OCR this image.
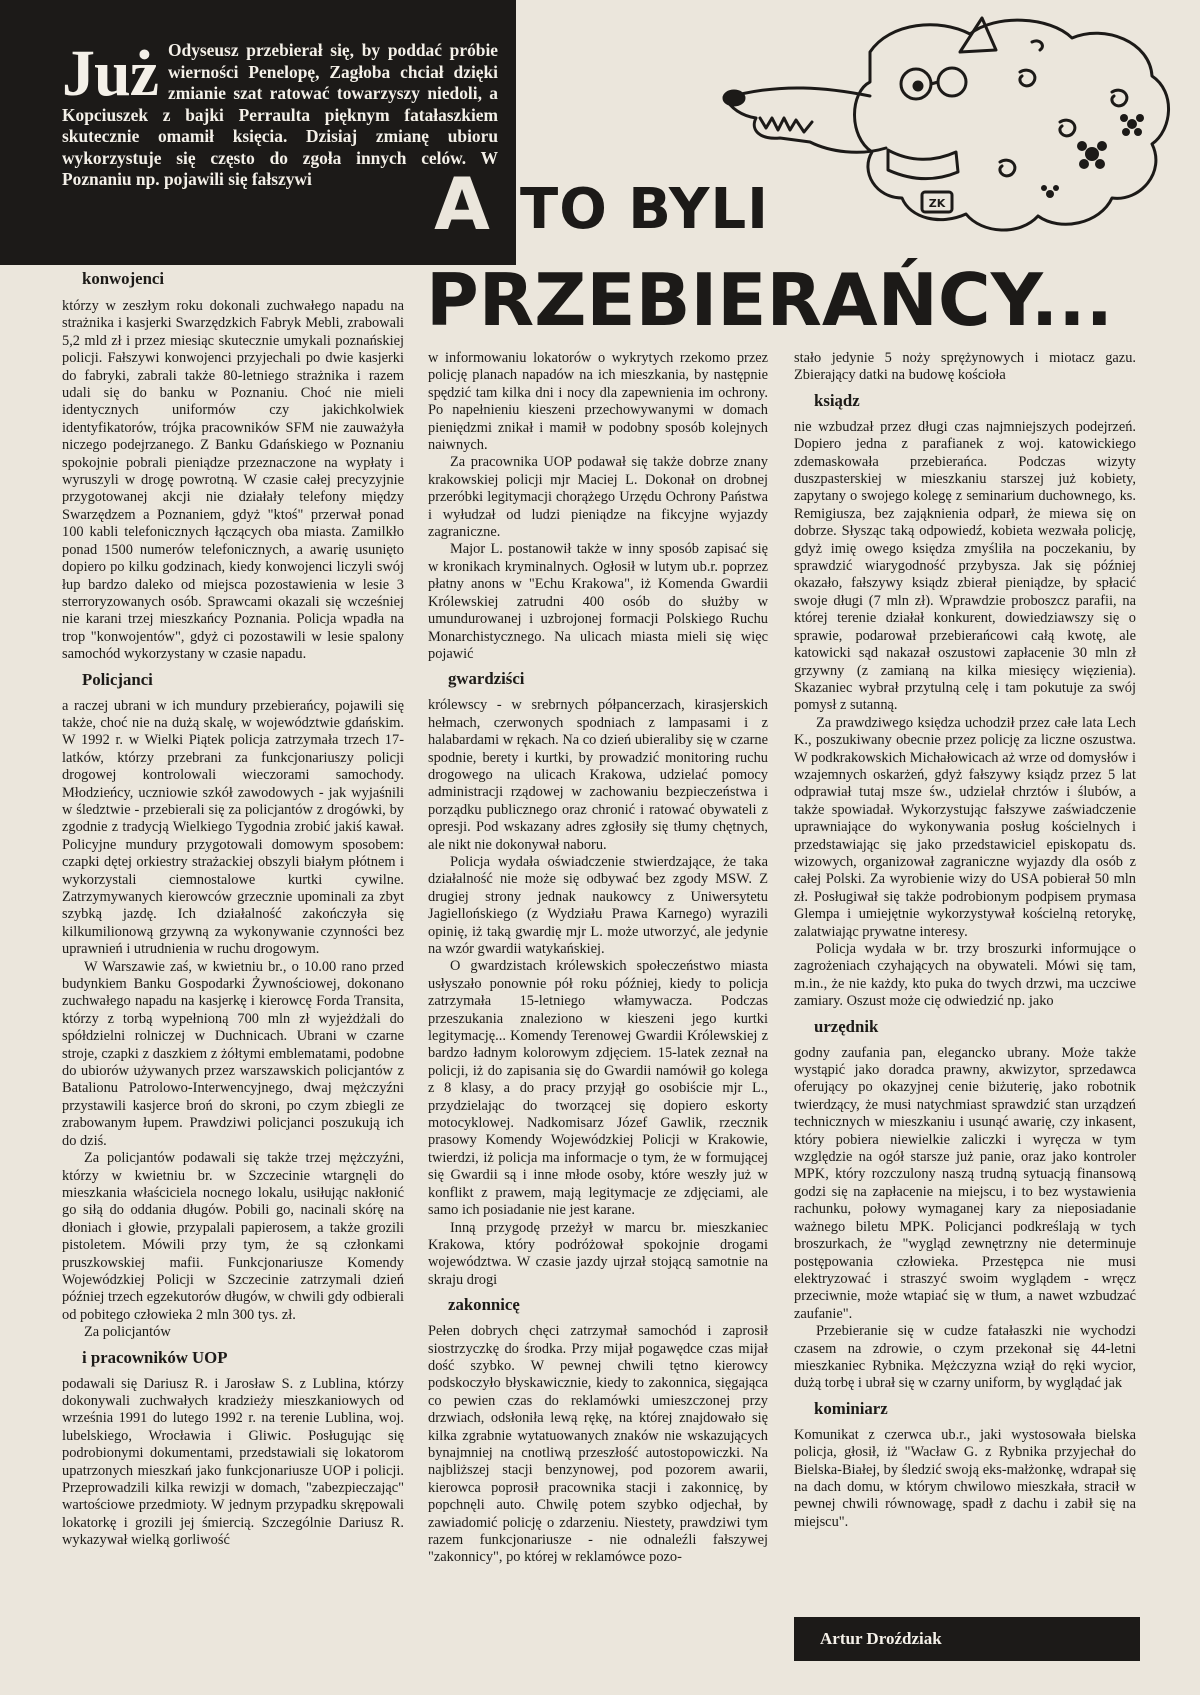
Już Odyseusz przebierał się, by poddać próbie wierności Penelopę, Zagłoba chciał dzięki zmianie szat ratować towarzyszy niedoli, a Kopciuszek z bajki Perraulta pięknym fatałaszkiem skutecznie omamił księcia. Dzisiaj zmianę ubioru wykorzystuje się często do zgoła innych celów. W Poznaniu np. pojawili się fałszywi	A TO BYLI
PRZEBIERAŃCY...
ZK
konwojenci

którzy w zeszłym roku dokonali zuchwałego napadu na strażnika i kasjerki Swarzędzkich Fabryk Mebli, zrabowali 5,2 mld zł i przez miesiąc skutecznie umykali poznańskiej policji. Fałszywi konwojenci przyjechali po dwie kasjerki do fabryki, zabrali także 80-letniego strażnika i razem udali się do banku w Poznaniu. Choć nie mieli identycznych uniformów czy jakichkolwiek identyfikatorów, trójka pracowników SFM nie zauważyła niczego podejrzanego. Z Banku Gdańskiego w Poznaniu spokojnie pobrali pieniądze przeznaczone na wypłaty i wyruszyli w drogę powrotną. W czasie całej precyzyjnie przygotowanej akcji nie działały telefony między Swarzędzem a Poznaniem, gdyż "ktoś" przerwał ponad 100 kabli telefonicznych łączących oba miasta. Zamilkło ponad 1500 numerów telefonicznych, a awarię usunięto dopiero po kilku godzinach, kiedy konwojenci liczyli swój łup bardzo daleko od miejsca pozostawienia w lesie 3 sterroryzowanych osób. Sprawcami okazali się wcześniej nie karani trzej mieszkańcy Poznania. Policja wpadła na trop "konwojentów", gdyż ci pozostawili w lesie spalony samochód wykorzystany w czasie napadu.

Policjanci

a raczej ubrani w ich mundury przebierańcy, pojawili się także, choć nie na dużą skalę, w województwie gdańskim. W 1992 r. w Wielki Piątek policja zatrzymała trzech 17-latków, którzy przebrani za funkcjonariuszy policji drogowej kontrolowali wieczorami samochody. Młodzieńcy, uczniowie szkół zawodowych - jak wyjaśnili w śledztwie - przebierali się za policjantów z drogówki, by zgodnie z tradycją Wielkiego Tygodnia zrobić jakiś kawał. Policyjne mundury przygotowali domowym sposobem: czapki dętej orkiestry strażackiej obszyli białym płótnem i wykorzystali ciemnostalowe kurtki cywilne. Zatrzymywanych kierowców grzecznie upominali za zbyt szybką jazdę. Ich działalność zakończyła się kilkumilionową grzywną za wykonywanie czynności bez uprawnień i utrudnienia w ruchu drogowym.

W Warszawie zaś, w kwietniu br., o 10.00 rano przed budynkiem Banku Gospodarki Żywnościowej, dokonano zuchwałego napadu na kasjerkę i kierowcę Forda Transita, którzy z torbą wypełnioną 700 mln zł wyjeżdżali do spółdzielni rolniczej w Duchnicach. Ubrani w czarne stroje, czapki z daszkiem z żółtymi emblematami, podobne do ubiorów używanych przez warszawskich policjantów z Batalionu Patrolowo-Interwencyjnego, dwaj mężczyźni przystawili kasjerce broń do skroni, po czym zbiegli ze zrabowanym łupem. Prawdziwi policjanci poszukują ich do dziś.

Za policjantów podawali się także trzej mężczyźni, którzy w kwietniu br. w Szczecinie wtargnęli do mieszkania właściciela nocnego lokalu, usiłując nakłonić go siłą do oddania długów. Pobili go, nacinali skórę na dłoniach i głowie, przypalali papierosem, a także grozili pistoletem. Mówili przy tym, że są członkami pruszkowskiej mafii. Funkcjonariusze Komendy Wojewódzkiej Policji w Szczecinie zatrzymali dzień później trzech egzekutorów długów, w chwili gdy odbierali od pobitego człowieka 2 mln 300 tys. zł.

Za policjantów

i pracowników UOP

podawali się Dariusz R. i Jarosław S. z Lublina, którzy dokonywali zuchwałych kradzieży mieszkaniowych od września 1991 do lutego 1992 r. na terenie Lublina, woj. lubelskiego, Wrocławia i Gliwic. Posługując się podrobionymi dokumentami, przedstawiali się lokatorom upatrzonych mieszkań jako funkcjonariusze UOP i policji. Przeprowadzili kilka rewizji w domach, "zabezpieczając" wartościowe przedmioty. W jednym przypadku skrępowali lokatorkę i grozili jej śmiercią. Szczególnie Dariusz R. wykazywał wielką gorliwość

w informowaniu lokatorów o wykrytych rzekomo przez policję planach napadów na ich mieszkania, by następnie spędzić tam kilka dni i nocy dla zapewnienia im ochrony. Po napełnieniu kieszeni przechowywanymi w domach pieniędzmi znikał i mamił w podobny sposób kolejnych naiwnych.

Za pracownika UOP podawał się także dobrze znany krakowskiej policji mjr Maciej L. Dokonał on drobnej przeróbki legitymacji chorążego Urzędu Ochrony Państwa i wyłudzał od ludzi pieniądze na fikcyjne wyjazdy zagraniczne.

Major L. postanowił także w inny sposób zapisać się w kronikach kryminalnych. Ogłosił w lutym ub.r. poprzez płatny anons w "Echu Krakowa", iż Komenda Gwardii Królewskiej zatrudni 400 osób do służby w umundurowanej i uzbrojonej formacji Polskiego Ruchu Monarchistycznego. Na ulicach miasta mieli się więc pojawić

gwardziści

królewscy - w srebrnych półpancerzach, kirasjerskich hełmach, czerwonych spodniach z lampasami i z halabardami w rękach. Na co dzień ubieraliby się w czarne spodnie, berety i kurtki, by prowadzić monitoring ruchu drogowego na ulicach Krakowa, udzielać pomocy administracji rządowej w zachowaniu bezpieczeństwa i porządku publicznego oraz chronić i ratować obywateli z opresji. Pod wskazany adres zgłosiły się tłumy chętnych, ale nikt nie dokonywał naboru.

Policja wydała oświadczenie stwierdzające, że taka działalność nie może się odbywać bez zgody MSW. Z drugiej strony jednak naukowcy z Uniwersytetu Jagiellońskiego (z Wydziału Prawa Karnego) wyrazili opinię, iż taką gwardię mjr L. może utworzyć, ale jedynie na wzór gwardii watykańskiej.

O gwardzistach królewskich społeczeństwo miasta usłyszało ponownie pół roku później, kiedy to policja zatrzymała 15-letniego włamywacza. Podczas przeszukania znaleziono w kieszeni jego kurtki legitymację... Komendy Terenowej Gwardii Królewskiej z bardzo ładnym kolorowym zdjęciem. 15-latek zeznał na policji, iż do zapisania się do Gwardii namówił go kolega z 8 klasy, a do pracy przyjął go osobiście mjr L., przydzielając do tworzącej się dopiero eskorty motocyklowej. Nadkomisarz Józef Gawlik, rzecznik prasowy Komendy Wojewódzkiej Policji w Krakowie, twierdzi, iż policja ma informacje o tym, że w formującej się Gwardii są i inne młode osoby, które weszły już w konflikt z prawem, mają legitymacje ze zdjęciami, ale samo ich posiadanie nie jest karane.

Inną przygodę przeżył w marcu br. mieszkaniec Krakowa, który podróżował spokojnie drogami województwa. W czasie jazdy ujrzał stojącą samotnie na skraju drogi

zakonnicę

Pełen dobrych chęci zatrzymał samochód i zaprosił siostrzyczkę do środka. Przy mijał pogawędce czas mijał dość szybko. W pewnej chwili tętno kierowcy podskoczyło błyskawicznie, kiedy to zakonnica, sięgająca co pewien czas do reklamówki umieszczonej przy drzwiach, odsłoniła lewą rękę, na której znajdowało się kilka zgrabnie wytatuowanych znaków nie wskazujących bynajmniej na cnotliwą przeszłość autostopowiczki. Na najbliższej stacji benzynowej, pod pozorem awarii, kierowca poprosił pracownika stacji i zakonnicę, by popchnęli auto. Chwilę potem szybko odjechał, by zawiadomić policję o zdarzeniu. Niestety, prawdziwi tym razem funkcjonariusze - nie odnaleźli fałszywej "zakonnicy", po której w reklamówce pozo-

stało jedynie 5 noży sprężynowych i miotacz gazu. Zbierający datki na budowę kościoła

ksiądz

nie wzbudzał przez długi czas najmniejszych podejrzeń. Dopiero jedna z parafianek z woj. katowickiego zdemaskowała przebierańca. Podczas wizyty duszpasterskiej w mieszkaniu starszej już kobiety, zapytany o swojego kolegę z seminarium duchownego, ks. Remigiusza, bez zająknienia odparł, że miewa się on dobrze. Słysząc taką odpowiedź, kobieta wezwała policję, gdyż imię owego księdza zmyśliła na poczekaniu, by sprawdzić wiarygodność przybysza. Jak się później okazało, fałszywy ksiądz zbierał pieniądze, by spłacić swoje długi (7 mln zł). Wprawdzie proboszcz parafii, na której terenie działał konkurent, dowiedziawszy się o sprawie, podarował przebierańcowi całą kwotę, ale katowicki sąd nakazał oszustowi zapłacenie 30 mln zł grzywny (z zamianą na kilka miesięcy więzienia). Skazaniec wybrał przytulną celę i tam pokutuje za swój pomysł z sutanną.

Za prawdziwego księdza uchodził przez całe lata Lech K., poszukiwany obecnie przez policję za liczne oszustwa. W podkrakowskich Michałowicach aż wrze od domysłów i wzajemnych oskarżeń, gdyż fałszywy ksiądz przez 5 lat odprawiał tutaj msze św., udzielał chrztów i ślubów, a także spowiadał. Wykorzystując fałszywe zaświadczenie uprawniające do wykonywania posług kościelnych i przedstawiając się jako przedstawiciel episkopatu ds. wizowych, organizował zagraniczne wyjazdy dla osób z całej Polski. Za wyrobienie wizy do USA pobierał 50 mln zł. Posługiwał się także podrobionym podpisem prymasa Glempa i umiejętnie wykorzystywał kościelną retorykę, zalatwiając prywatne interesy.

Policja wydała w br. trzy broszurki informujące o zagrożeniach czyhających na obywateli. Mówi się tam, m.in., że nie każdy, kto puka do twych drzwi, ma uczciwe zamiary. Oszust może cię odwiedzić np. jako

urzędnik

godny zaufania pan, elegancko ubrany. Może także wystąpić jako doradca prawny, akwizytor, sprzedawca oferujący po okazyjnej cenie biżuterię, jako robotnik twierdzący, że musi natychmiast sprawdzić stan urządzeń technicznych w mieszkaniu i usunąć awarię, czy inkasent, który pobiera niewielkie zaliczki i wyręcza w tym względzie na ogół starsze już panie, oraz jako kontroler MPK, który rozczulony naszą trudną sytuacją finansową godzi się na zapłacenie na miejscu, i to bez wystawienia rachunku, połowy wymaganej kary za nieposiadanie ważnego biletu MPK. Policjanci podkreślają w tych broszurkach, że "wygląd zewnętrzny nie determinuje postępowania człowieka. Przestępca nie musi elektryzować i straszyć swoim wyglądem - wręcz przeciwnie, może wtapiać się w tłum, a nawet wzbudzać zaufanie".

Przebieranie się w cudze fatałaszki nie wychodzi czasem na zdrowie, o czym przekonał się 44-letni mieszkaniec Rybnika. Mężczyzna wziął do ręki wycior, dużą torbę i ubrał się w czarny uniform, by wyglądać jak

kominiarz

Komunikat z czerwca ub.r., jaki wystosowała bielska policja, głosił, iż "Wacław G. z Rybnika przyjechał do Bielska-Białej, by śledzić swoją eks-małżonkę, wdrapał się na dach domu, w którym chwilowo mieszkała, stracił w pewnej chwili równowagę, spadł z dachu i zabił się na miejscu".

Artur Droździak
